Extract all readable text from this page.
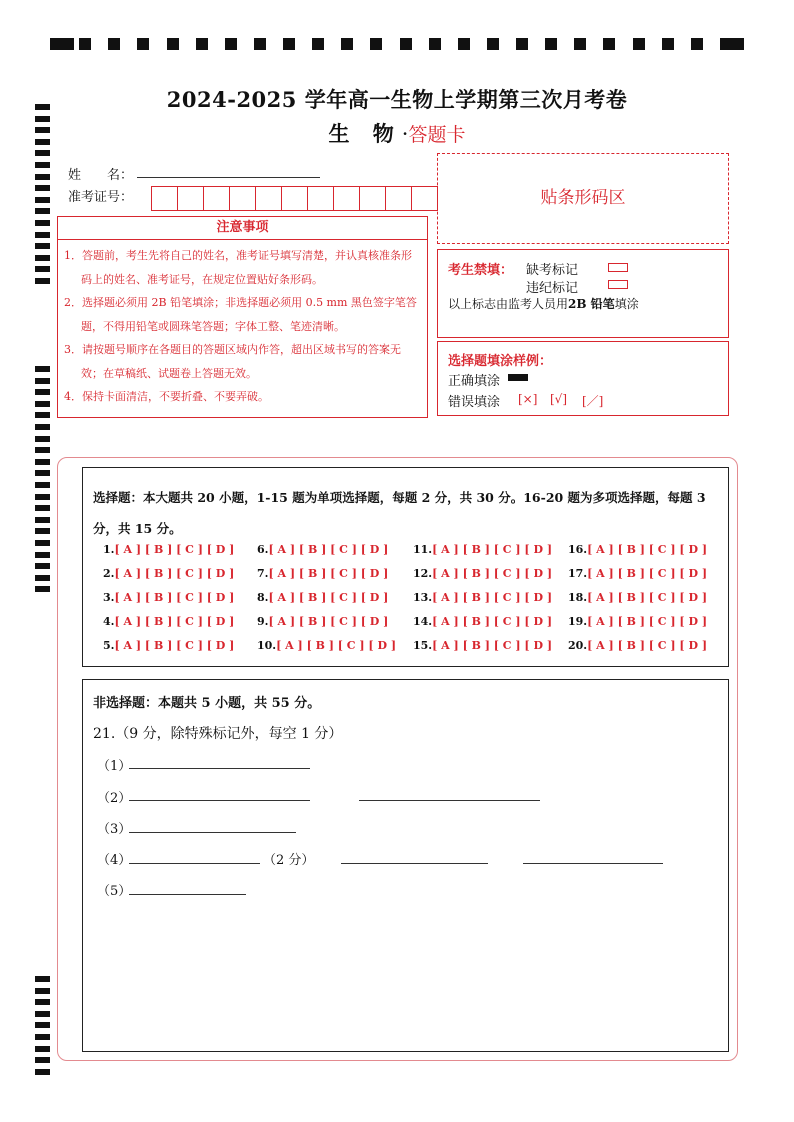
2024-2025 学年高一生物上学期第三次月考卷
生 物·答题卡
姓　　名：
准考证号：
注意事项

1．答题前，考生先将自己的姓名，准考证号填写清楚，并认真核准条形码上的姓名、准考证号，在规定位置贴好条形码。

2．选择题必须用 2B 铅笔填涂；非选择题必须用 0.5 mm 黑色签字笔答题，不得用铅笔或圆珠笔答题；字体工整、笔迹清晰。

3．请按题号顺序在各题目的答题区域内作答，超出区域书写的答案无效；在草稿纸、试题卷上答题无效。

4．保持卡面清洁，不要折叠、不要弄破。

贴条形码区
考生禁填： 缺考标记
违纪标记
以上标志由监考人员用2B 铅笔填涂
选择题填涂样例：
正确填涂
错误填涂 [×] [√] [／]
选择题：本大题共 20 小题，1-15 题为单项选择题，每题 2 分，共 30 分。16-20 题为多项选择题，每题 3 分，共 15 分。
1.[ A ] [ B ] [ C ] [ D ]
2.[ A ] [ B ] [ C ] [ D ]
3.[ A ] [ B ] [ C ] [ D ]
4.[ A ] [ B ] [ C ] [ D ]
5.[ A ] [ B ] [ C ] [ D ]
6.[ A ] [ B ] [ C ] [ D ]
7.[ A ] [ B ] [ C ] [ D ]
8.[ A ] [ B ] [ C ] [ D ]
9.[ A ] [ B ] [ C ] [ D ]
10.[ A ] [ B ] [ C ] [ D ]
11.[ A ] [ B ] [ C ] [ D ]
12.[ A ] [ B ] [ C ] [ D ]
13.[ A ] [ B ] [ C ] [ D ]
14.[ A ] [ B ] [ C ] [ D ]
15.[ A ] [ B ] [ C ] [ D ]
16.[ A ] [ B ] [ C ] [ D ]
17.[ A ] [ B ] [ C ] [ D ]
18.[ A ] [ B ] [ C ] [ D ]
19.[ A ] [ B ] [ C ] [ D ]
20.[ A ] [ B ] [ C ] [ D ]
非选择题：本题共 5 小题，共 55 分。
21.（9 分，除特殊标记外，每空 1 分）
（1）
（2）
（3）
（4）	（2 分）
（5）
